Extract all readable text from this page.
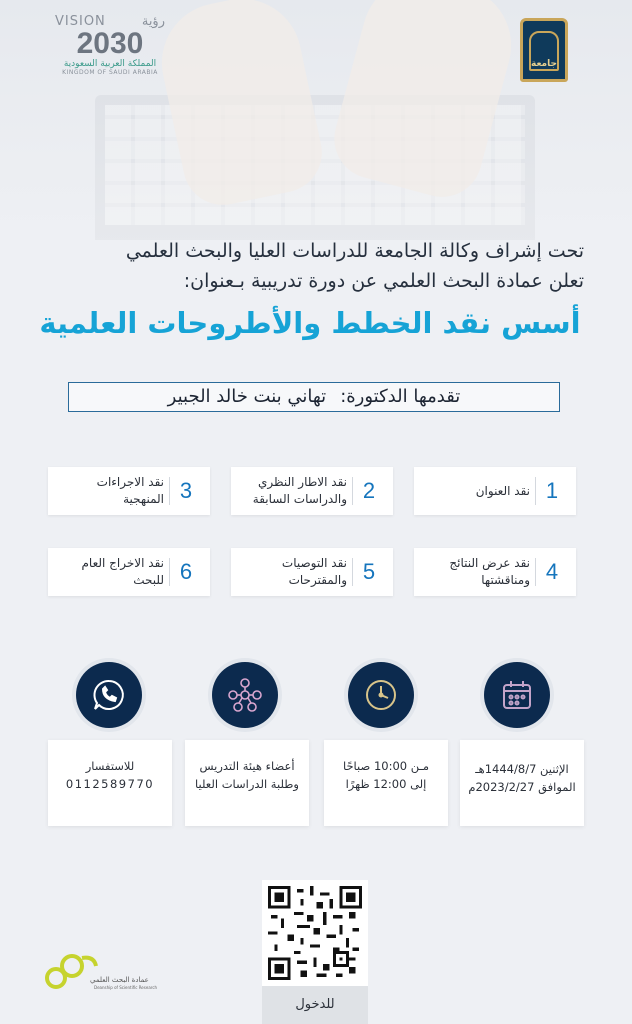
VISION	رؤية
2030
المملكة العربية السعودية
KINGDOM OF SAUDI ARABIA
جامعة
تحت إشراف وكالة الجامعة للدراسات العليا والبحث العلمي
تعلن عمادة البحث العلمي عن دورة تدريبية بـعنوان:
أسس نقد الخطط والأطروحات العلمية
تقدمها الدكتورة:تهاني بنت خالد الجبير
1
نقد العنوان
2
نقد الاطار النظري والدراسات السابقة
3
نقد الاجراءات المنهجية
4
نقد عرض النتائج ومناقشتها
5
نقد التوصيات والمقترحات
6
نقد الاخراج العام للبحث
الإثنين 1444/8/7هـ
الموافق 2023/2/27م
مـن 10:00 صباحًا
إلى 12:00 ظهرًا
أعضاء هيئة التدريس
وطلبة الدراسات العليا
للاستفسار
0112589770
للدخول
عمادة البحث العلمي
Deanship of Scientific Research
